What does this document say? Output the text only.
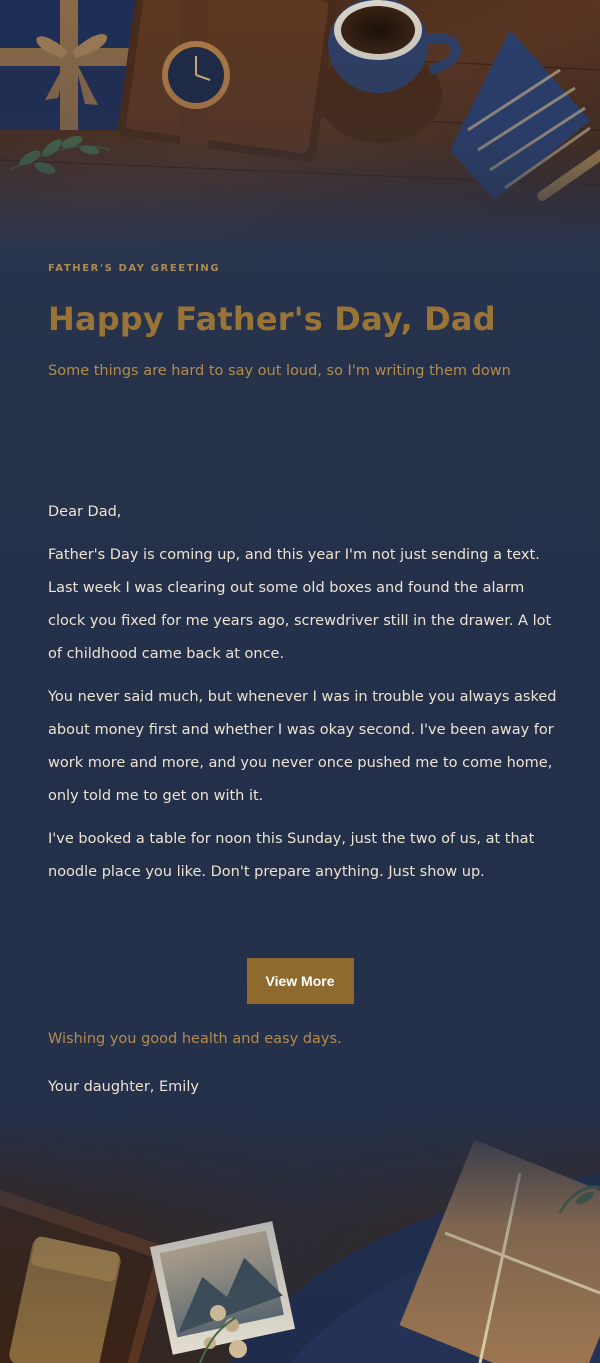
FATHER'S DAY GREETING
Happy Father's Day, Dad
Some things are hard to say out loud, so I'm writing them down

Dear Dad,

Father's Day is coming up, and this year I'm not just sending a text. Last week I was clearing out some old boxes and found the alarm clock you fixed for me years ago, screwdriver still in the drawer. A lot of childhood came back at once.

You never said much, but whenever I was in trouble you always asked about money first and whether I was okay second. I've been away for work more and more, and you never once pushed me to come home, only told me to get on with it.

I've booked a table for noon this Sunday, just the two of us, at that noodle place you like. Don't prepare anything. Just show up.

View More
Wishing you good health and easy days.
Your daughter, Emily
